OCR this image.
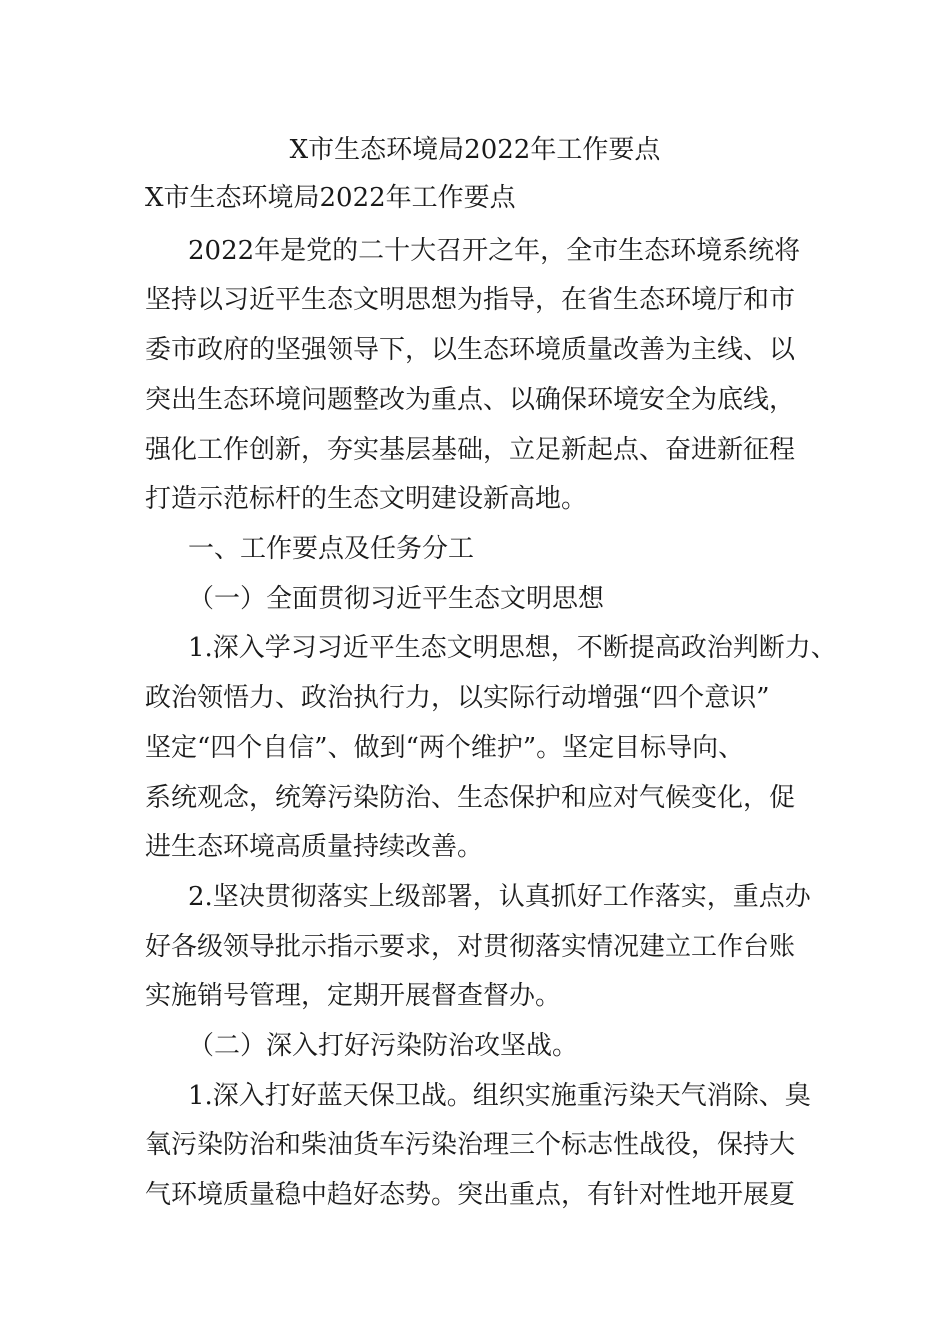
X市生态环境局2022年工作要点

X市生态环境局2022年工作要点

2022年是党的二十大召开之年，全市生态环境系统将

坚持以习近平生态文明思想为指导，在省生态环境厅和市

委市政府的坚强领导下，以生态环境质量改善为主线、以

突出生态环境问题整改为重点、以确保环境安全为底线，

强化工作创新，夯实基层基础，立足新起点、奋进新征程

打造示范标杆的生态文明建设新高地。

一、工作要点及任务分工

（一）全面贯彻习近平生态文明思想

1.深入学习习近平生态文明思想，不断提高政治判断力、

政治领悟力、政治执行力，以实际行动增强“四个意识”

坚定“四个自信”、做到“两个维护”。坚定目标导向、

系统观念，统筹污染防治、生态保护和应对气候变化，促

进生态环境高质量持续改善。

2.坚决贯彻落实上级部署，认真抓好工作落实，重点办

好各级领导批示指示要求，对贯彻落实情况建立工作台账

实施销号管理，定期开展督查督办。

（二）深入打好污染防治攻坚战。

1.深入打好蓝天保卫战。组织实施重污染天气消除、臭

氧污染防治和柴油货车污染治理三个标志性战役，保持大

气环境质量稳中趋好态势。突出重点，有针对性地开展夏
